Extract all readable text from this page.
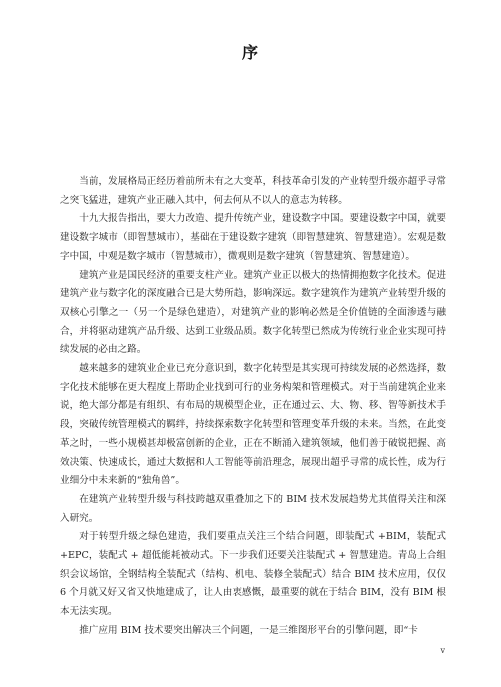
序

当前，发展格局正经历着前所未有之大变革，科技革命引发的产业转型升级亦超乎寻常之突飞猛进，建筑产业正融入其中，何去何从不以人的意志为转移。

十九大报告指出，要大力改造、提升传统产业，建设数字中国。要建设数字中国，就要建设数字城市（即智慧城市），基础在于建设数字建筑（即智慧建筑、智慧建造）。宏观是数字中国，中观是数字城市（智慧城市），微观则是数字建筑（智慧建筑、智慧建造）。

建筑产业是国民经济的重要支柱产业。建筑产业正以极大的热情拥抱数字化技术。促进建筑产业与数字化的深度融合已是大势所趋，影响深远。数字建筑作为建筑产业转型升级的双核心引擎之一（另一个是绿色建造），对建筑产业的影响必然是全价值链的全面渗透与融合，并将驱动建筑产品升级、达到工业级品质。数字化转型已然成为传统行业企业实现可持续发展的必由之路。

越来越多的建筑业企业已充分意识到，数字化转型是其实现可持续发展的必然选择，数字化技术能够在更大程度上帮助企业找到可行的业务构架和管理模式。对于当前建筑企业来说，绝大部分都是有组织、有布局的规模型企业，正在通过云、大、物、移、智等新技术手段，突破传统管理模式的羁绊，持续探索数字化转型和管理变革升级的未来。当然，在此变革之时，一些小规模甚却极富创新的企业，正在不断涌入建筑领域，他们善于破锐把握、高效决策、快速成长，通过大数据和人工智能等前沿理念，展现出超乎寻常的成长性，成为行业细分中未来新的“独角兽”。

在建筑产业转型升级与科技跨越双重叠加之下的 BIM 技术发展趋势尤其值得关注和深入研究。

对于转型升级之绿色建造，我们要重点关注三个结合问题，即装配式 +BIM，装配式 +EPC，装配式 + 超低能耗被动式。下一步我们还要关注装配式 + 智慧建造。青岛上合组织会议场馆，全钢结构全装配式（结构、机电、装修全装配式）结合 BIM 技术应用，仅仅 6 个月就又好又省又快地建成了，让人由衷感慨，最重要的就在于结合 BIM，没有 BIM 根本无法实现。

推广应用 BIM 技术要突出解决三个问题，一是三维图形平台的引擎问题，即“卡

v
